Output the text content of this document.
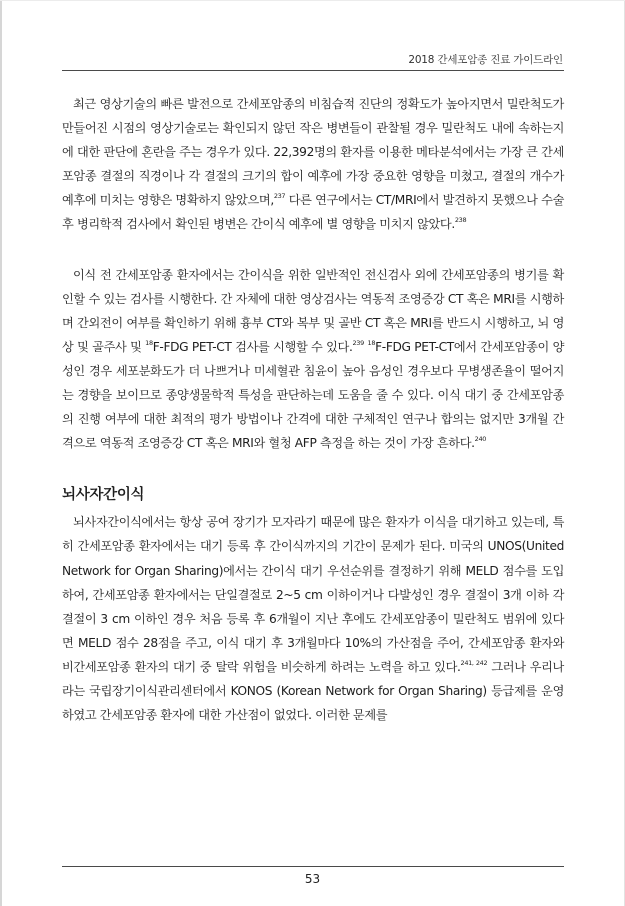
2018 간세포암종 진료 가이드라인

최근 영상기술의 빠른 발전으로 간세포암종의 비침습적 진단의 정확도가 높아지면서 밀란척도가 만들어진 시점의 영상기술로는 확인되지 않던 작은 병변들이 관찰될 경우 밀란척도 내에 속하는지에 대한 판단에 혼란을 주는 경우가 있다. 22,392명의 환자를 이용한 메타분석에서는 가장 큰 간세포암종 결절의 직경이나 각 결절의 크기의 합이 예후에 가장 중요한 영향을 미쳤고, 결절의 개수가 예후에 미치는 영향은 명확하지 않았으며,$^{237}$ 다른 연구에서는 CT/MRI에서 발견하지 못했으나 수술 후 병리학적 검사에서 확인된 병변은 간이식 예후에 별 영향을 미치지 않았다.$^{238}$

이식 전 간세포암종 환자에서는 간이식을 위한 일반적인 전신검사 외에 간세포암종의 병기를 확인할 수 있는 검사를 시행한다. 간 자체에 대한 영상검사는 역동적 조영증강 CT 혹은 MRI를 시행하며 간외전이 여부를 확인하기 위해 흉부 CT와 복부 및 골반 CT 혹은 MRI를 반드시 시행하고, 뇌 영상 및 골주사 및 $^{18}$F-FDG PET-CT 검사를 시행할 수 있다.$^{239}$ $^{18}$F-FDG PET-CT에서 간세포암종이 양성인 경우 세포분화도가 더 나쁘거나 미세혈관 침윤이 높아 음성인 경우보다 무병생존율이 떨어지는 경향을 보이므로 종양생물학적 특성을 판단하는데 도움을 줄 수 있다. 이식 대기 중 간세포암종의 진행 여부에 대한 최적의 평가 방법이나 간격에 대한 구체적인 연구나 합의는 없지만 3개월 간격으로 역동적 조영증강 CT 혹은 MRI와 혈청 AFP 측정을 하는 것이 가장 흔하다.$^{240}$

뇌사자간이식

뇌사자간이식에서는 항상 공여 장기가 모자라기 때문에 많은 환자가 이식을 대기하고 있는데, 특히 간세포암종 환자에서는 대기 등록 후 간이식까지의 기간이 문제가 된다. 미국의 UNOS(United Network for Organ Sharing)에서는 간이식 대기 우선순위를 결정하기 위해 MELD 점수를 도입하여, 간세포암종 환자에서는 단일결절로 2~5 cm 이하이거나 다발성인 경우 결절이 3개 이하 각 결절이 3 cm 이하인 경우 처음 등록 후 6개월이 지난 후에도 간세포암종이 밀란척도 범위에 있다면 MELD 점수 28점을 주고, 이식 대기 후 3개월마다 10%의 가산점을 주어, 간세포암종 환자와 비간세포암종 환자의 대기 중 탈락 위험을 비슷하게 하려는 노력을 하고 있다.$^{241, 242}$ 그러나 우리나라는 국립장기이식관리센터에서 KONOS (Korean Network for Organ Sharing) 등급제를 운영하였고 간세포암종 환자에 대한 가산점이 없었다. 이러한 문제를

53
